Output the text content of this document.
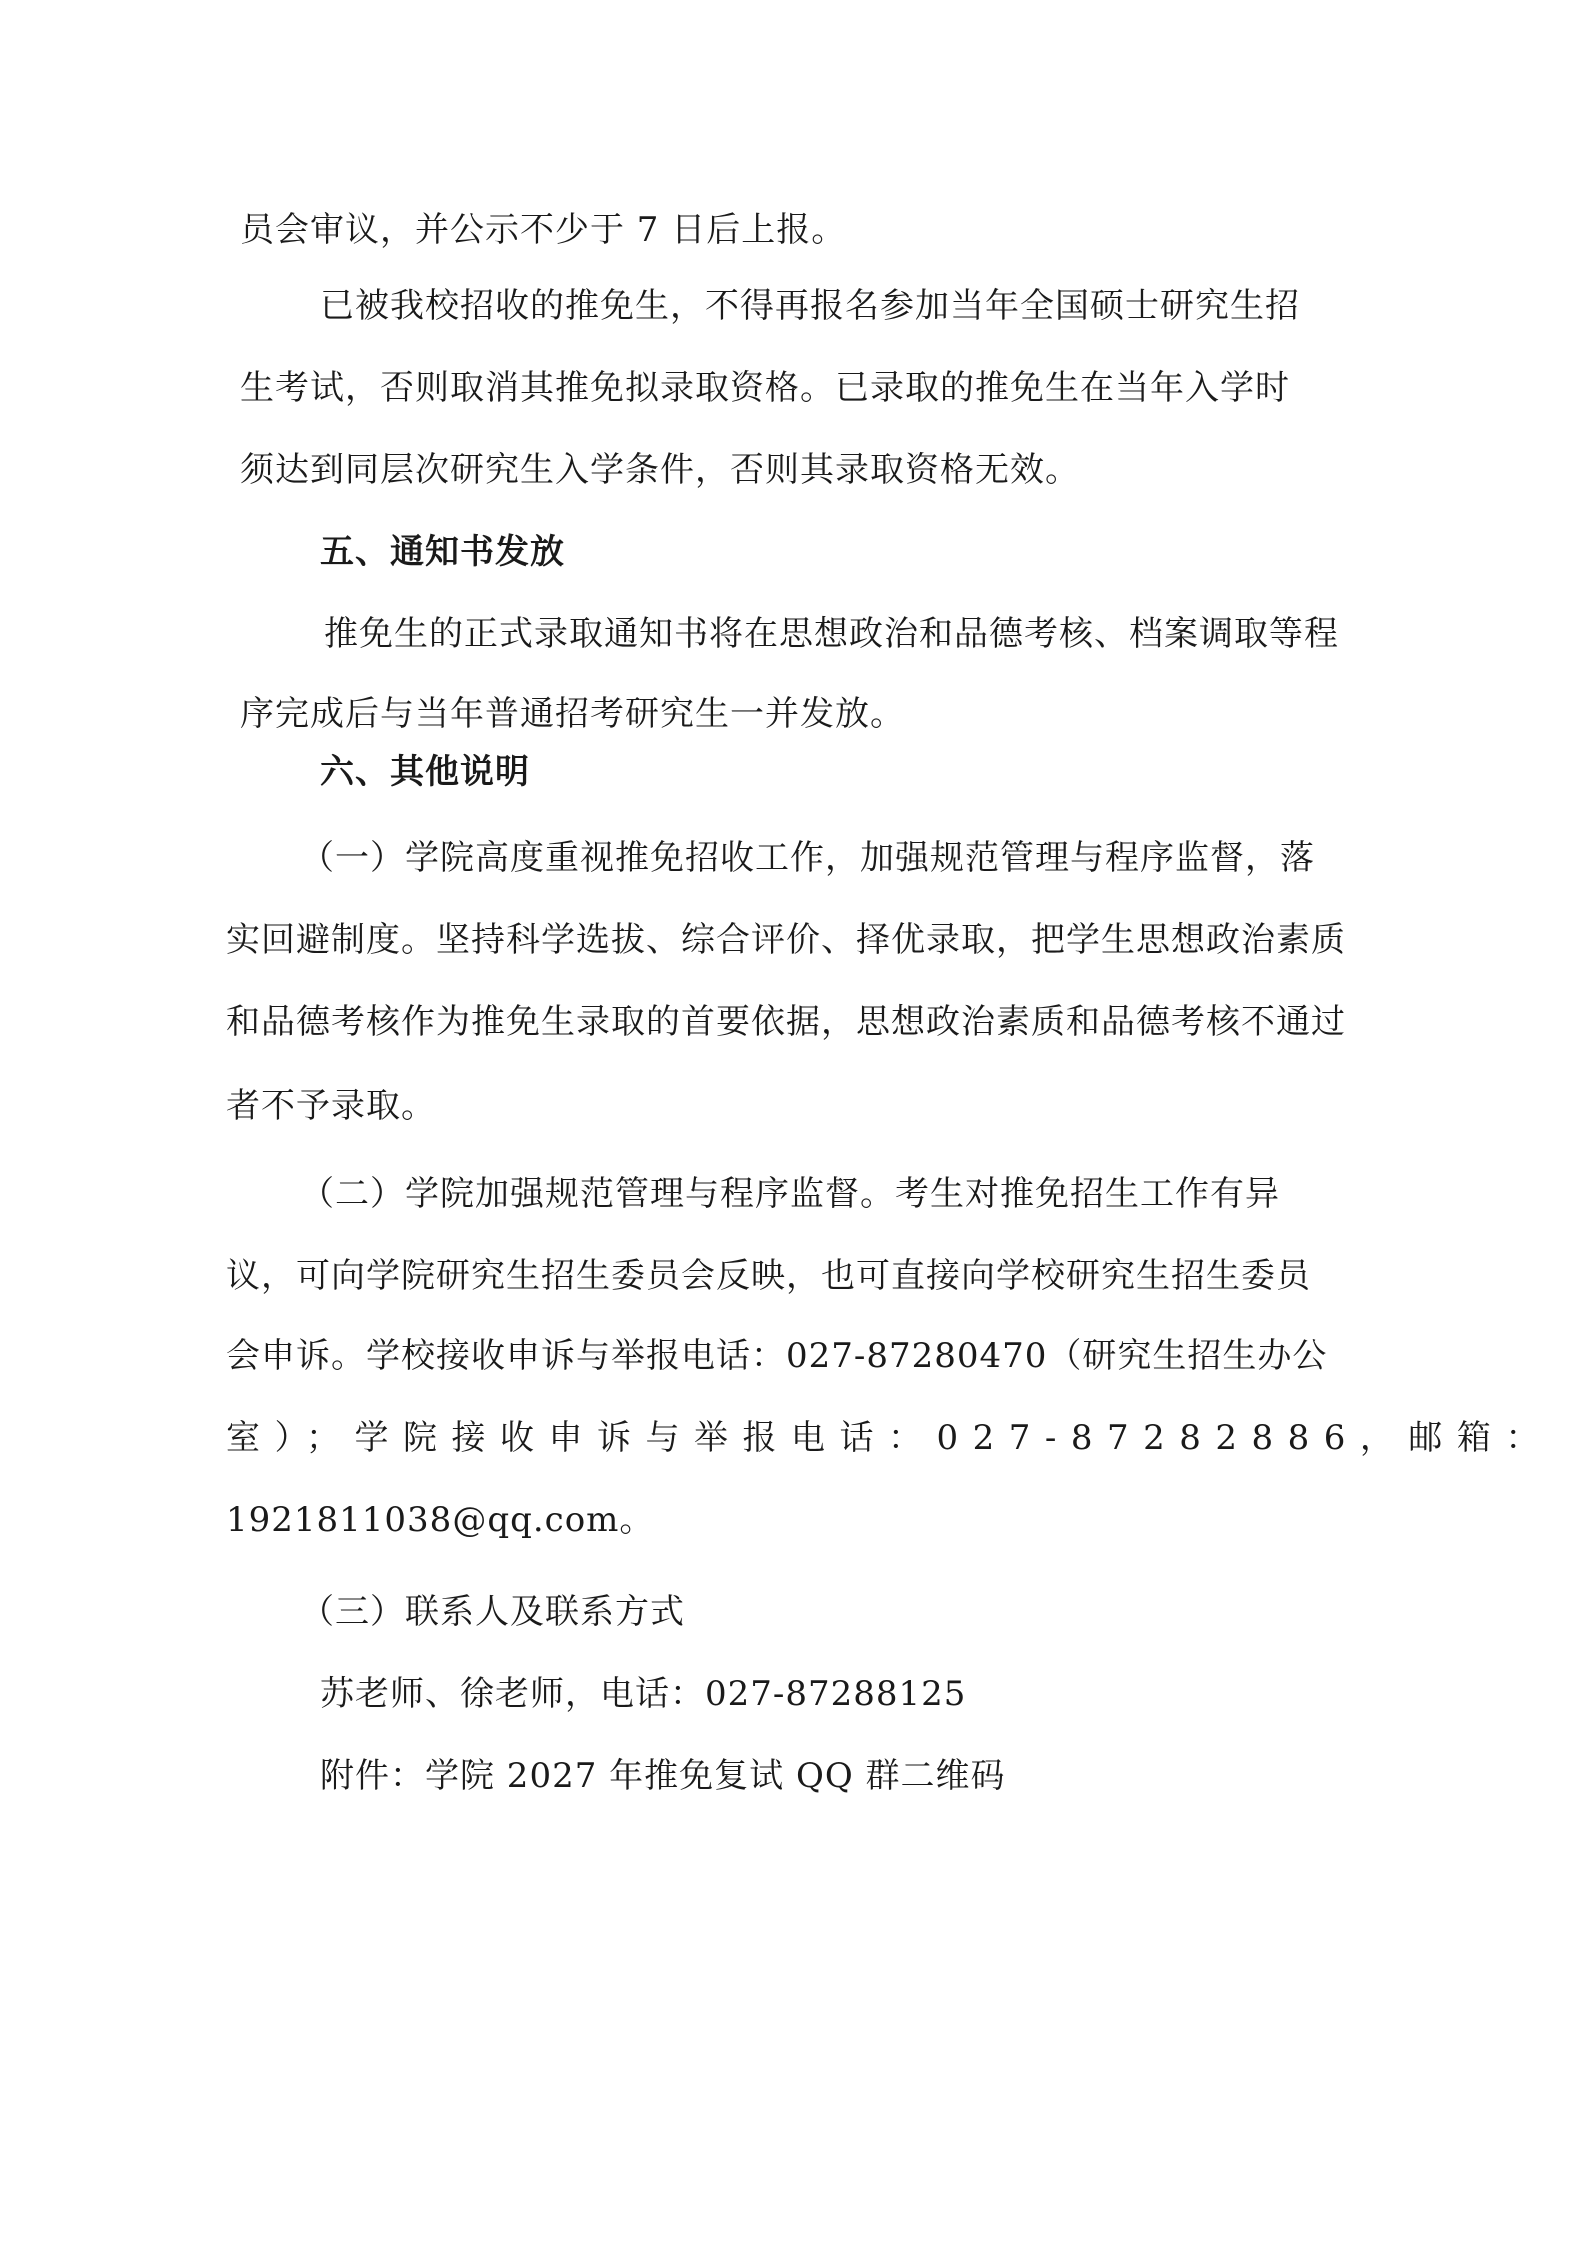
员会审议，并公示不少于 7 日后上报。
已被我校招收的推免生，不得再报名参加当年全国硕士研究生招
生考试，否则取消其推免拟录取资格。已录取的推免生在当年入学时
须达到同层次研究生入学条件，否则其录取资格无效。
五、通知书发放
推免生的正式录取通知书将在思想政治和品德考核、档案调取等程
序完成后与当年普通招考研究生一并发放。
六、其他说明
（一）学院高度重视推免招收工作，加强规范管理与程序监督，落
实回避制度。坚持科学选拔、综合评价、择优录取，把学生思想政治素质
和品德考核作为推免生录取的首要依据，思想政治素质和品德考核不通过
者不予录取。
（二）学院加强规范管理与程序监督。考生对推免招生工作有异
议，可向学院研究生招生委员会反映，也可直接向学校研究生招生委员
会申诉。学校接收申诉与举报电话：027-87280470（研究生招生办公
室）；学院接收申诉与举报电话：027-87282886，邮箱：
1921811038@qq.com。
（三）联系人及联系方式
苏老师、徐老师，电话：027-87288125
附件：学院 2027 年推免复试 QQ 群二维码
